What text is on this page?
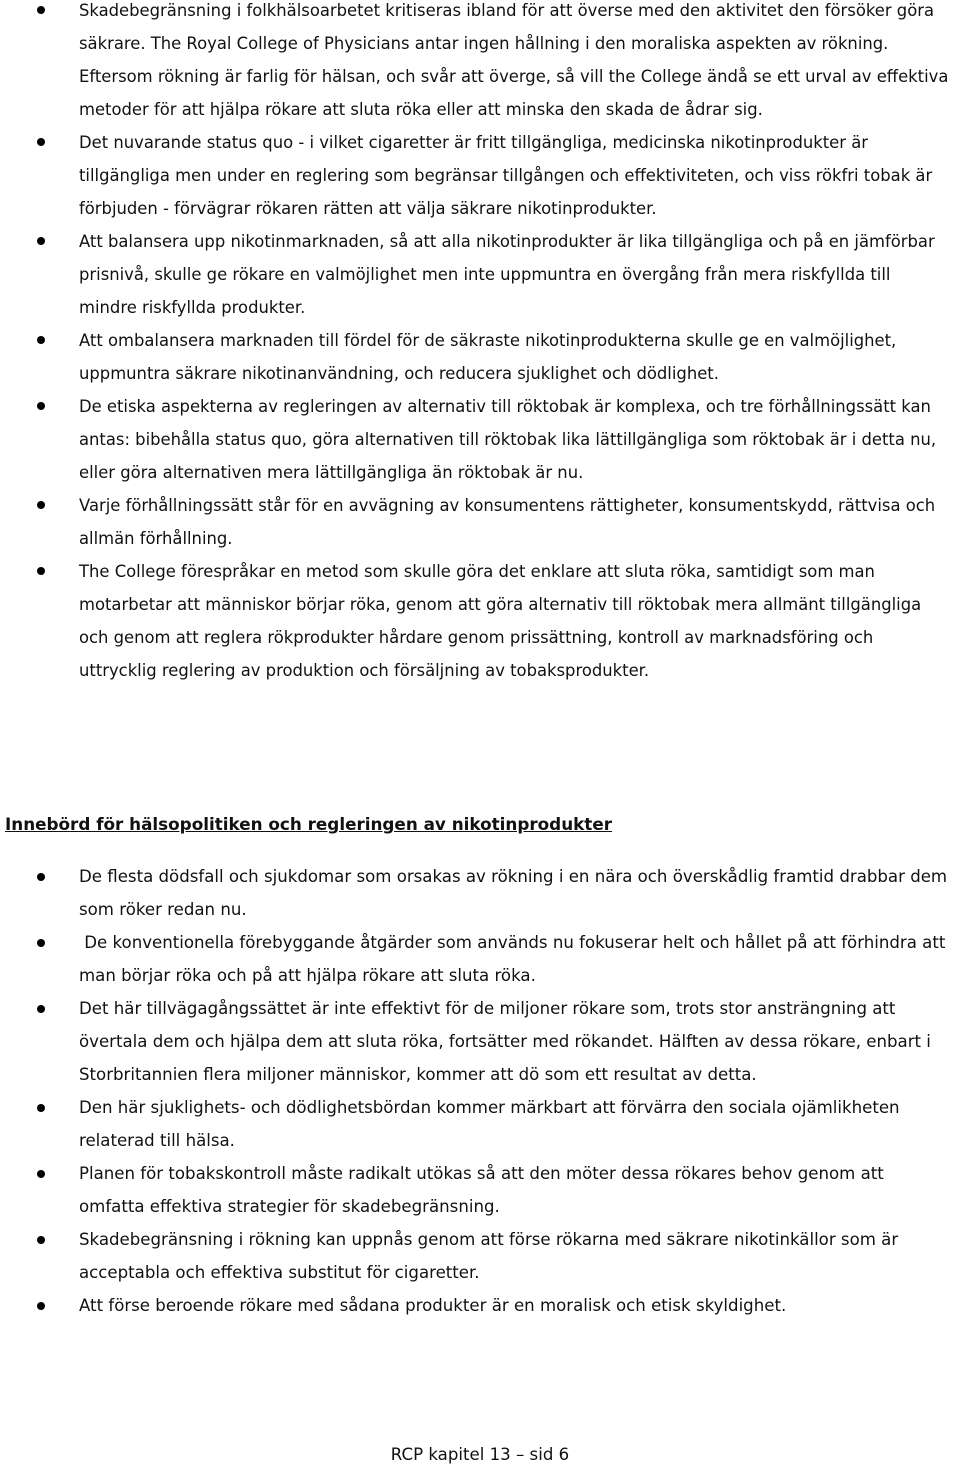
Skadebegränsning i folkhälsoarbetet kritiseras ibland för att överse med den aktivitet den försöker göra säkrare. The Royal College of Physicians antar ingen hållning i den moraliska aspekten av rökning. Eftersom rökning är farlig för hälsan, och svår att överge, så vill the College ändå se ett urval av effektiva metoder för att hjälpa rökare att sluta röka eller att minska den skada de ådrar sig.

Det nuvarande status quo - i vilket cigaretter är fritt tillgängliga, medicinska nikotinprodukter är tillgängliga men under en reglering som begränsar tillgången och effektiviteten, och viss rökfri tobak är förbjuden - förvägrar rökaren rätten att välja säkrare nikotinprodukter.

Att balansera upp nikotinmarknaden, så att alla nikotinprodukter är lika tillgängliga och på en jämförbar prisnivå, skulle ge rökare en valmöjlighet men inte uppmuntra en övergång från mera riskfyllda till mindre riskfyllda produkter.

Att ombalansera marknaden till fördel för de säkraste nikotinprodukterna skulle ge en valmöjlighet, uppmuntra säkrare nikotinanvändning, och reducera sjuklighet och dödlighet.

De etiska aspekterna av regleringen av alternativ till röktobak är komplexa, och tre förhållningssätt kan antas: bibehålla status quo, göra alternativen till röktobak lika lättillgängliga som röktobak är i detta nu, eller göra alternativen mera lättillgängliga än röktobak är nu.

Varje förhållningssätt står för en avvägning av konsumentens rättigheter, konsumentskydd, rättvisa och allmän förhållning.

The College förespråkar en metod som skulle göra det enklare att sluta röka, samtidigt som man motarbetar att människor börjar röka, genom att göra alternativ till röktobak mera allmänt tillgängliga och genom att reglera rökprodukter hårdare genom prissättning, kontroll av marknadsföring och uttrycklig reglering av produktion och försäljning av tobaksprodukter.

Innebörd för hälsopolitiken och regleringen av nikotinprodukter

De flesta dödsfall och sjukdomar som orsakas av rökning i en nära och överskådlig framtid drabbar dem som röker redan nu.

De konventionella förebyggande åtgärder som används nu fokuserar helt och hållet på att förhindra att man börjar röka och på att hjälpa rökare att sluta röka.

Det här tillvägagångssättet är inte effektivt för de miljoner rökare som, trots stor ansträngning att övertala dem och hjälpa dem att sluta röka, fortsätter med rökandet. Hälften av dessa rökare, enbart i Storbritannien flera miljoner människor, kommer att dö som ett resultat av detta.

Den här sjuklighets- och dödlighetsbördan kommer märkbart att förvärra den sociala ojämlikheten relaterad till hälsa.

Planen för tobakskontroll måste radikalt utökas så att den möter dessa rökares behov genom att omfatta effektiva strategier för skadebegränsning.

Skadebegränsning i rökning kan uppnås genom att förse rökarna med säkrare nikotinkällor som är acceptabla och effektiva substitut för cigaretter.

Att förse beroende rökare med sådana produkter är en moralisk och etisk skyldighet.

RCP kapitel 13 – sid 6
